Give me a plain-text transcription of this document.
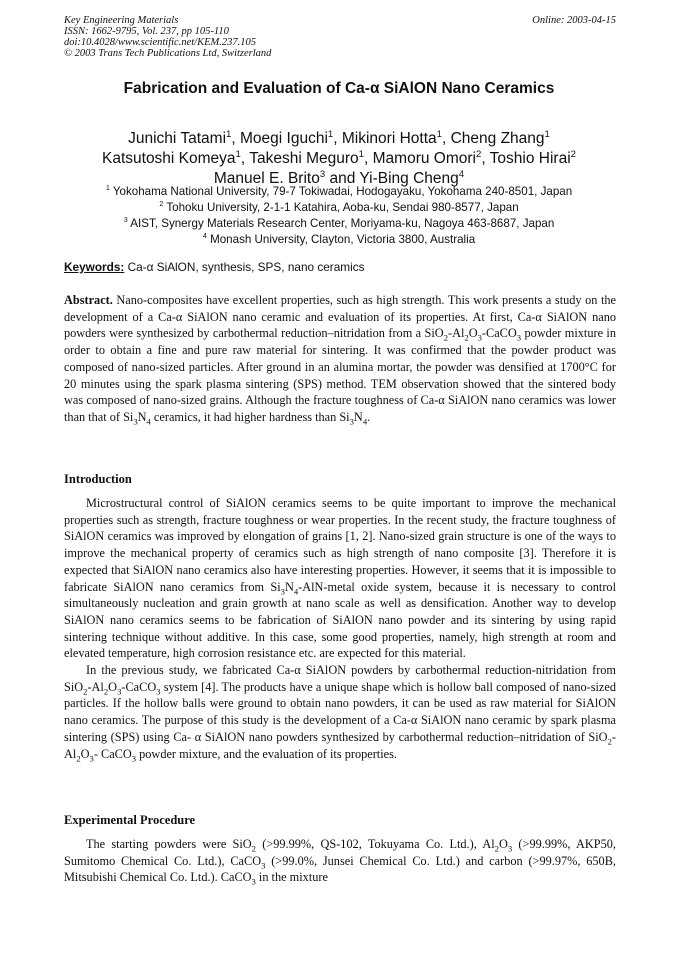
Key Engineering Materials
ISSN: 1662-9795, Vol. 237, pp 105-110
doi:10.4028/www.scientific.net/KEM.237.105
© 2003 Trans Tech Publications Ltd, Switzerland
Online: 2003-04-15
Fabrication and Evaluation of Ca-α SiAlON Nano Ceramics
Junichi Tatami$^1$, Moegi Iguchi$^1$, Mikinori Hotta$^1$, Cheng Zhang$^1$
Katsutoshi Komeya$^1$, Takeshi Meguro$^1$, Mamoru Omori$^2$, Toshio Hirai$^2$
Manuel E. Brito$^3$ and Yi-Bing Cheng$^4$
$^1$ Yokohama National University, 79-7 Tokiwadai, Hodogayaku, Yokohama 240-8501, Japan
$^2$ Tohoku University, 2-1-1 Katahira, Aoba-ku, Sendai 980-8577, Japan
$^3$ AIST, Synergy Materials Research Center, Moriyama-ku, Nagoya 463-8687, Japan
$^4$ Monash University, Clayton, Victoria 3800, Australia
Keywords: Ca-α SiAlON, synthesis, SPS, nano ceramics
Abstract. Nano-composites have excellent properties, such as high strength. This work presents a study on the development of a Ca-α SiAlON nano ceramic and evaluation of its properties. At first, Ca-α SiAlON nano powders were synthesized by carbothermal reduction–nitridation from a $SiO_2-Al_2O_3-CaCO_3$ powder mixture in order to obtain a fine and pure raw material for sintering. It was confirmed that the powder product was composed of nano-sized particles. After ground in an alumina mortar, the powder was densified at 1700°C for 20 minutes using the spark plasma sintering (SPS) method. TEM observation showed that the sintered body was composed of nano-sized grains. Although the fracture toughness of Ca-α SiAlON nano ceramics was lower than that of $Si_3N_4$ ceramics, it had higher hardness than $Si_3N_4$.
Introduction

Microstructural control of SiAlON ceramics seems to be quite important to improve the mechanical properties such as strength, fracture toughness or wear properties. In the recent study, the fracture toughness of SiAlON ceramics was improved by elongation of grains [1, 2]. Nano-sized grain structure is one of the ways to improve the mechanical property of ceramics such as high strength of nano composite [3]. Therefore it is expected that SiAlON nano ceramics also have interesting properties. However, it seems that it is impossible to fabricate SiAlON nano ceramics from $Si_3N_4-AlN$-metal oxide system, because it is necessary to control simultaneously nucleation and grain growth at nano scale as well as densification. Another way to develop SiAlON nano ceramics seems to be fabrication of SiAlON nano powder and its sintering by using rapid sintering technique without additive. In this case, some good properties, namely, high strength at room and elevated temperature, high corrosion resistance etc. are expected for this material.

In the previous study, we fabricated Ca-α SiAlON powders by carbothermal reduction-nitridation from $SiO_2-Al_2O_3-CaCO_3$ system [4]. The products have a unique shape which is hollow ball composed of nano-sized particles. If the hollow balls were ground to obtain nano powders, it can be used as raw material for SiAlON nano ceramics. The purpose of this study is the development of a Ca-α SiAlON nano ceramic by spark plasma sintering (SPS) using Ca- α SiAlON nano powders synthesized by carbothermal reduction–nitridation of $SiO_2-Al_2O_3-$ CaCO$_3$ powder mixture, and the evaluation of its properties.

Experimental Procedure

The starting powders were SiO$_2$ (>99.99%, QS-102, Tokuyama Co. Ltd.), $Al_2O_3$ (>99.99%, AKP50, Sumitomo Chemical Co. Ltd.), CaCO$_3$ (>99.0%, Junsei Chemical Co. Ltd.) and carbon (>99.97%, 650B, Mitsubishi Chemical Co. Ltd.). CaCO$_3$ in the mixture
